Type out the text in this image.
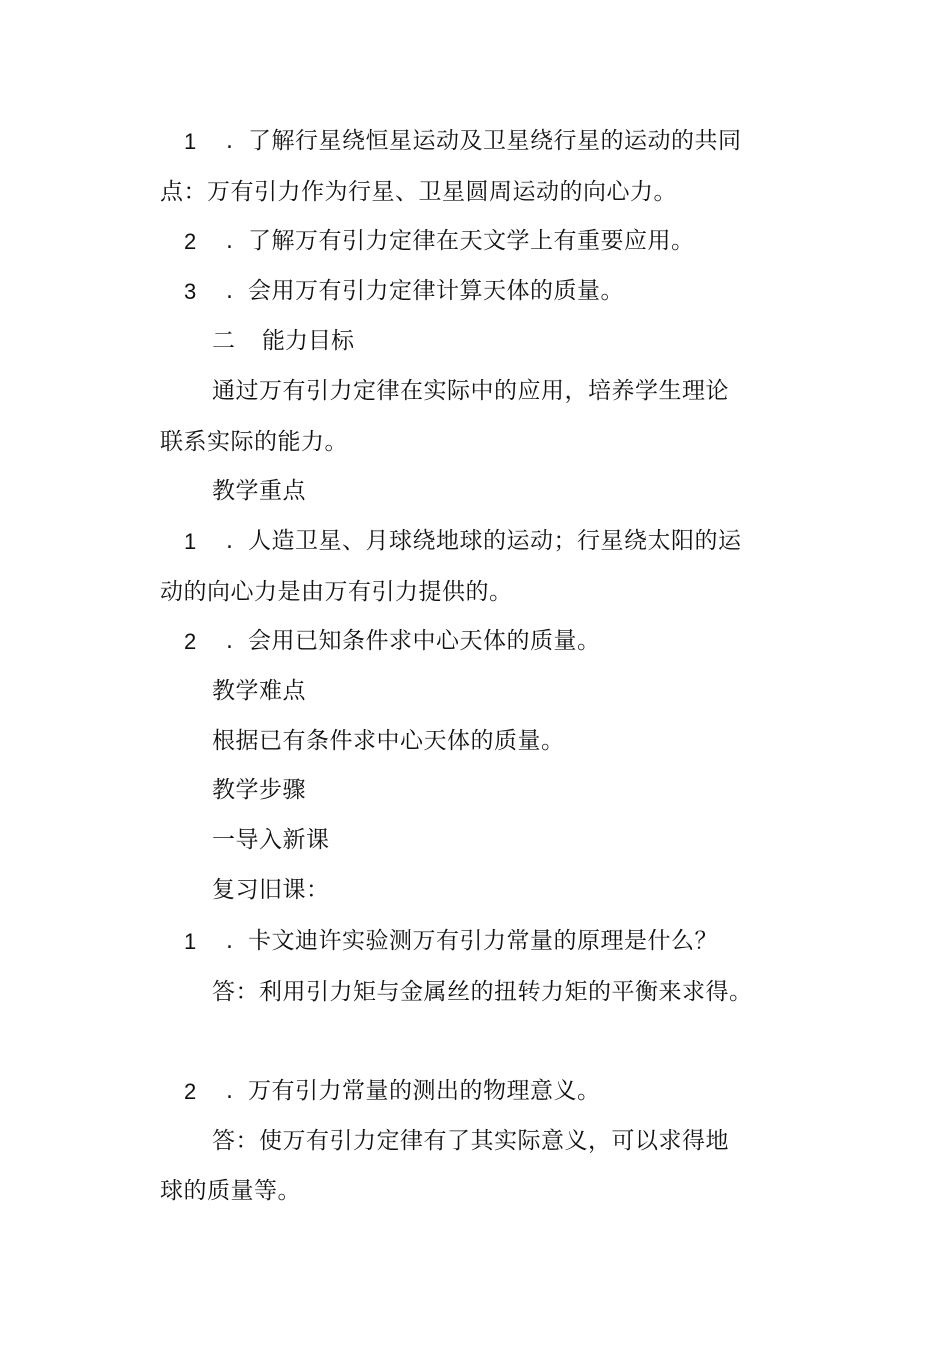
1 . 了解行星绕恒星运动及卫星绕行星的运动的共同
点：万有引力作为行星、卫星圆周运动的向心力。
2 . 了解万有引力定律在天文学上有重要应用。
3 . 会用万有引力定律计算天体的质量。
二 能力目标
通过万有引力定律在实际中的应用，培养学生理论
联系实际的能力。
教学重点
1 . 人造卫星、月球绕地球的运动；行星绕太阳的运
动的向心力是由万有引力提供的。
2 . 会用已知条件求中心天体的质量。
教学难点
根据已有条件求中心天体的质量。
教学步骤
一导入新课
复习旧课：
1 . 卡文迪许实验测万有引力常量的原理是什么？
答：利用引力矩与金属丝的扭转力矩的平衡来求得。
2 . 万有引力常量的测出的物理意义。
答：使万有引力定律有了其实际意义，可以求得地
球的质量等。
